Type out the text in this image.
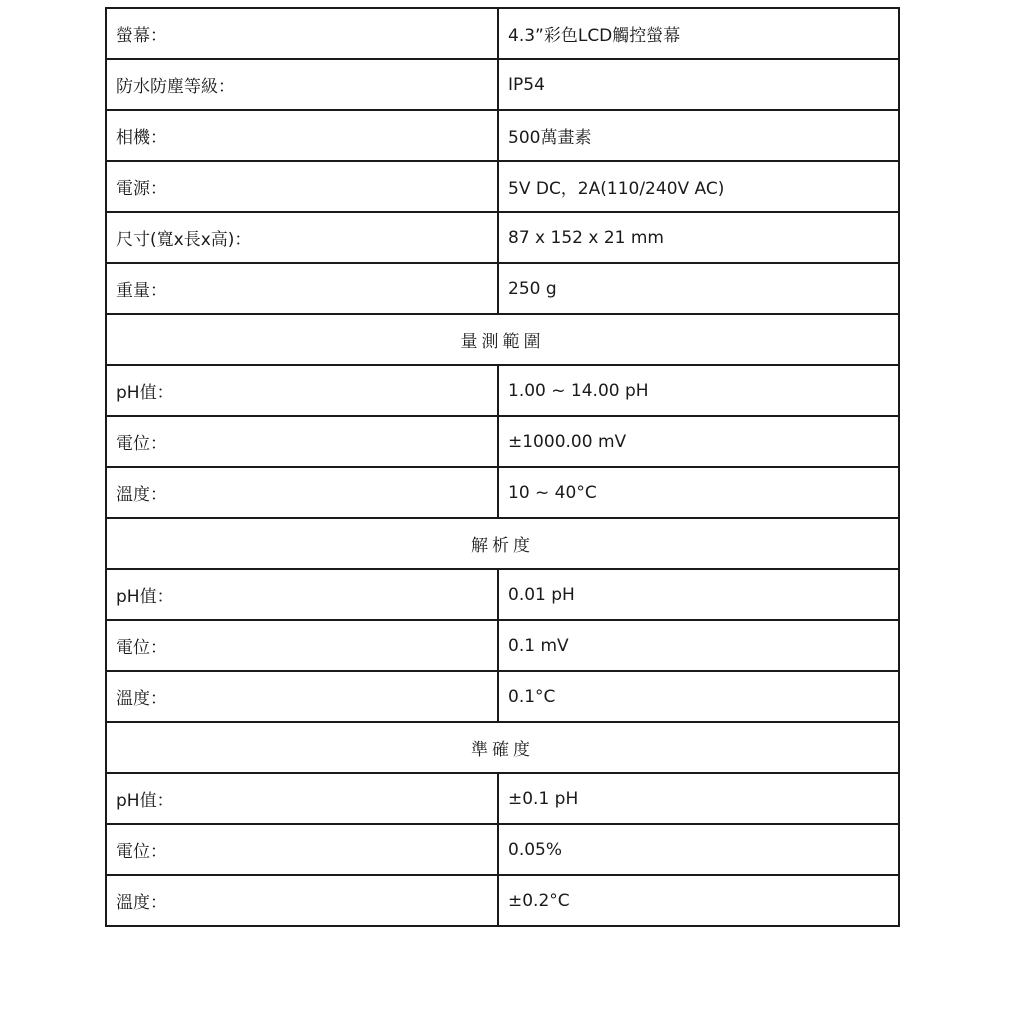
螢幕：	4.3”彩色LCD觸控螢幕
防水防塵等級：	IP54
相機：	500萬畫素
電源：	5V DC，2A(110/240V AC)
尺寸(寬x長x高)：	87 x 152 x 21 mm
重量：	250 g
量測範圍	
pH值：	1.00 ~ 14.00 pH
電位：	±1000.00 mV
溫度：	10 ~ 40°C
解析度	
pH值：	0.01 pH
電位：	0.1 mV
溫度：	0.1°C
準確度	
pH值：	±0.1 pH
電位：	0.05%
溫度：	±0.2°C
